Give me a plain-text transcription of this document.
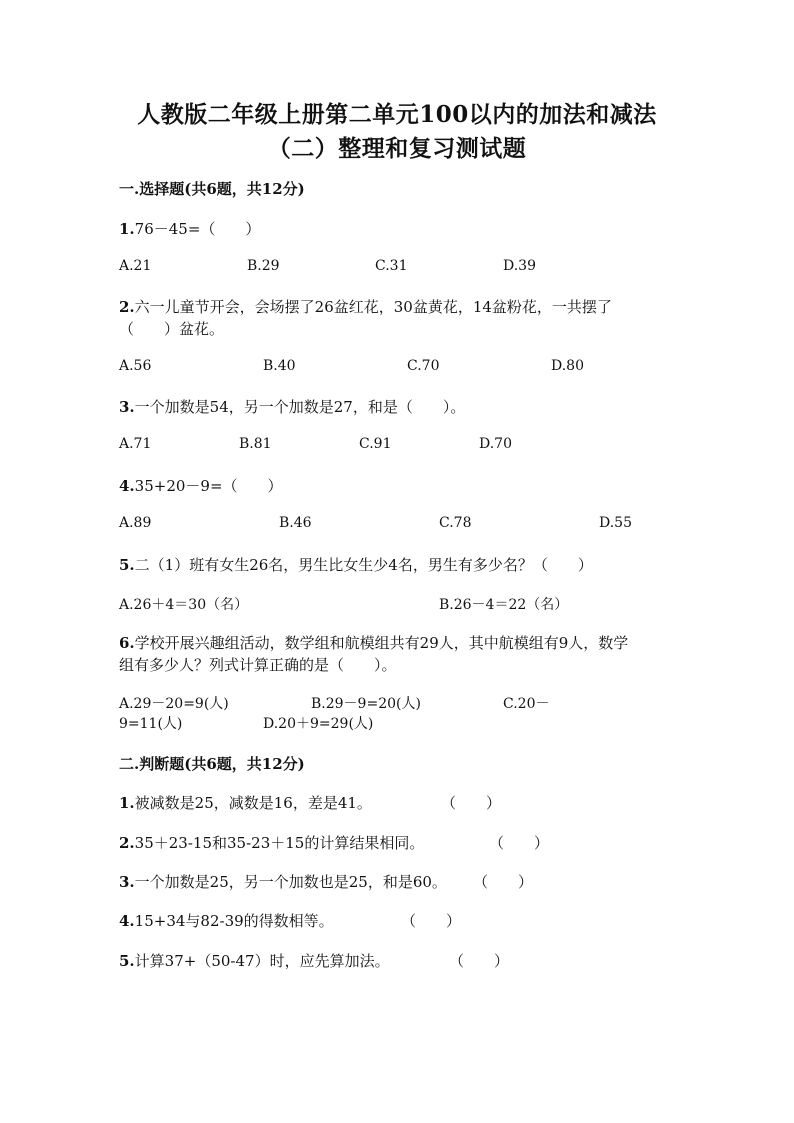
人教版二年级上册第二单元100以内的加法和减法
（二）整理和复习测试题
一.选择题(共6题，共12分)
1.76－45=（　　）
A.21	B.29	C.31	D.39
2.六一儿童节开会，会场摆了26盆红花，30盆黄花，14盆粉花，一共摆了
（　　）盆花。
A.56	B.40	C.70	D.80
3.一个加数是54，另一个加数是27，和是（　　）。
A.71	B.81	C.91	D.70
4.35+20－9=（　　）
A.89	B.46	C.78	D.55
5.二（1）班有女生26名，男生比女生少4名，男生有多少名？（　　）
A.26＋4＝30（名）	B.26－4＝22（名）
6.学校开展兴趣组活动，数学组和航模组共有29人，其中航模组有9人，数学
组有多少人？列式计算正确的是（　　）。
A.29－20=9(人)	B.29－9=20(人)	C.20－
9=11(人)	D.20＋9=29(人)
二.判断题(共6题，共12分)
1.被减数是25，减数是16，差是41。	（　　）
2.35＋23-15和35-23＋15的计算结果相同。	（　　）
3.一个加数是25，另一个加数也是25，和是60。 （　　）
4.15+34与82-39的得数相等。	（　　）
5.计算37+（50-47）时，应先算加法。	（　　）
